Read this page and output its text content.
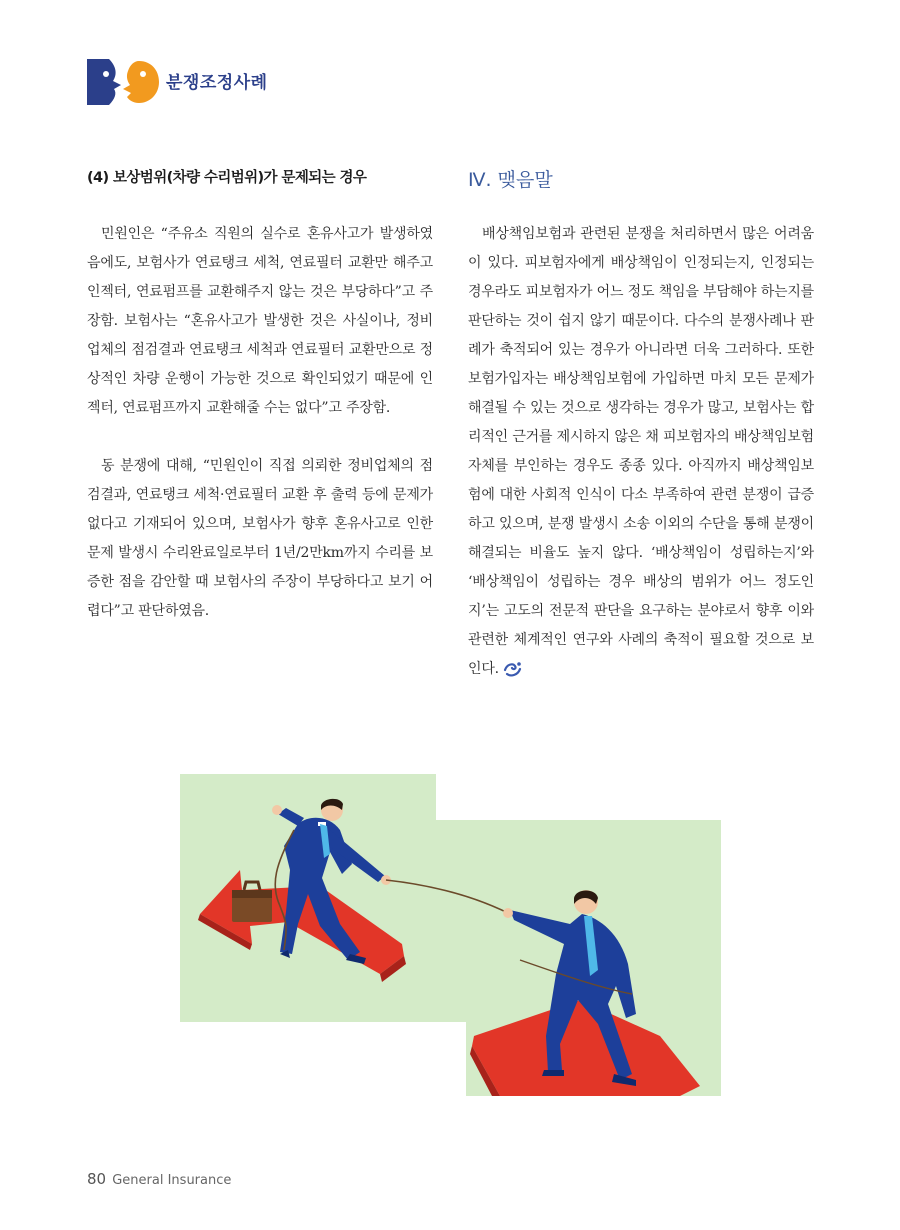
분쟁조정사례
(4) 보상범위(차량 수리범위)가 문제되는 경우

민원인은 “주유소 직원의 실수로 혼유사고가 발생하였음에도, 보험사가 연료탱크 세척, 연료필터 교환만 해주고 인젝터, 연료펌프를 교환해주지 않는 것은 부당하다”고 주장함. 보험사는 “혼유사고가 발생한 것은 사실이나, 정비업체의 점검결과 연료탱크 세척과 연료필터 교환만으로 정상적인 차량 운행이 가능한 것으로 확인되었기 때문에 인젝터, 연료펌프까지 교환해줄 수는 없다”고 주장함.

동 분쟁에 대해, “민원인이 직접 의뢰한 정비업체의 점검결과, 연료탱크 세척·연료필터 교환 후 출력 등에 문제가 없다고 기재되어 있으며, 보험사가 향후 혼유사고로 인한 문제 발생시 수리완료일로부터 1년/2만km까지 수리를 보증한 점을 감안할 때 보험사의 주장이 부당하다고 보기 어렵다”고 판단하였음.

Ⅳ. 맺음말

배상책임보험과 관련된 분쟁을 처리하면서 많은 어려움이 있다. 피보험자에게 배상책임이 인정되는지, 인정되는 경우라도 피보험자가 어느 정도 책임을 부담해야 하는지를 판단하는 것이 쉽지 않기 때문이다. 다수의 분쟁사례나 판례가 축적되어 있는 경우가 아니라면 더욱 그러하다. 또한 보험가입자는 배상책임보험에 가입하면 마치 모든 문제가 해결될 수 있는 것으로 생각하는 경우가 많고, 보험사는 합리적인 근거를 제시하지 않은 채 피보험자의 배상책임보험 자체를 부인하는 경우도 종종 있다. 아직까지 배상책임보험에 대한 사회적 인식이 다소 부족하여 관련 분쟁이 급증하고 있으며, 분쟁 발생시 소송 이외의 수단을 통해 분쟁이 해결되는 비율도 높지 않다. ‘배상책임이 성립하는지’와 ‘배상책임이 성립하는 경우 배상의 범위가 어느 정도인지’는 고도의 전문적 판단을 요구하는 분야로서 향후 이와 관련한 체계적인 연구와 사례의 축적이 필요할 것으로 보인다.

80 General Insurance
